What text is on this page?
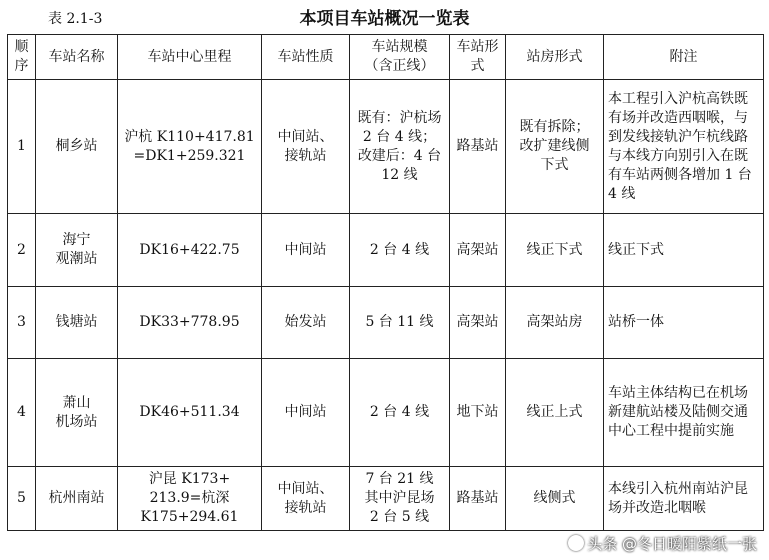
表 2.1-3	本项目车站概况一览表
顺
序	车站名称	车站中心里程	车站性质	车站规模
（含正线）	车站形
式	站房形式	附注
1	桐乡站	沪杭 K110+417.81
=DK1+259.321	中间站、
接轨站	既有：沪杭场
2 台 4 线；
改建后：4 台
12 线	路基站	既有拆除；
改扩建线侧
下式	本工程引入沪杭高铁既有场并改造西咽喉，与到发线接轨沪乍杭线路与本线方向别引入在既有车站两侧各增加 1 台 4 线
2	海宁
观潮站	DK16+422.75	中间站	2 台 4 线	高架站	线正下式	线正下式
3	钱塘站	DK33+778.95	始发站	5 台 11 线	高架站	高架站房	站桥一体
4	萧山
机场站	DK46+511.34	中间站	2 台 4 线	地下站	线正上式	车站主体结构已在机场新建航站楼及陆侧交通中心工程中提前实施
5	杭州南站	沪昆 K173+
213.9=杭深
K175+294.61	中间站、
接轨站	7 台 21 线
其中沪昆场
2 台 5 线	路基站	线侧式	本线引入杭州南站沪昆场并改造北咽喉
头条 @冬日暖阳紫纸一张
